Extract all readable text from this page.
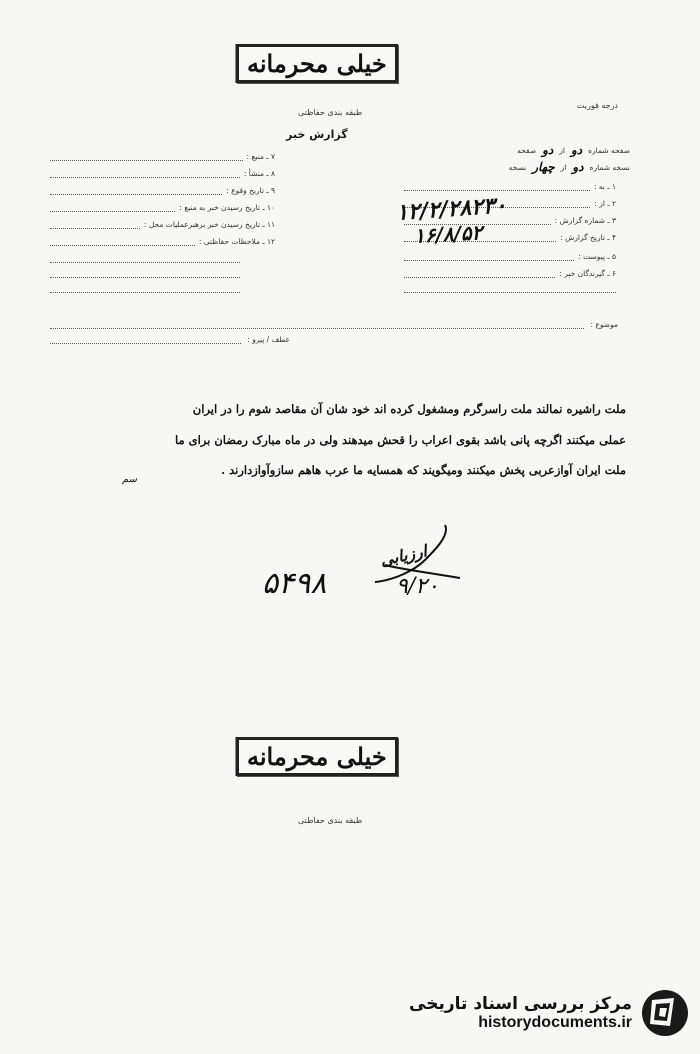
خیلی محرمانه
طبقه بندی حفاظتی
درجه فوریت
گزارش خبر
صفحه شماره
دو
از
دو
صفحه
نسخه شماره
دو
از
چهار
نسخه
۷ ـ منبع :
۸ ـ منشأ :
۹ ـ تاریخ وقوع :
۱۰ ـ تاریخ رسیدن خبر به منبع :
۱۱ ـ تاریخ رسیدن خبر برهبرعملیات محل :
۱۲ ـ ملاحظات حفاظتی :
۱ ـ به :
۲ ـ از :
۳ ـ شماره گزارش :
۴ ـ تاریخ گزارش :
۵ ـ پیوست :
۶ ـ گیرندگان خبر :
۱۲/۲/۲۸۲۳۰
۱۶/۸/۵۲
موضوع :
عطف / پیرو :
ملت راشیره نمالند ملت راسرگرم ومشغول کرده اند خود شان آن مقاصد شوم را در ایران
عملی میکنند اگرچه پانی باشد بقوی اعراب را قحش میدهند ولی در ماه مبارک رمضان برای ما
ملت ایران آوازعربی پخش میکنند ومیگویند که همسایه ما عرب هاهم سازوآوازدارند .
سم
ارزیابی
۵۴۹۸	۹/۲۰
خیلی محرمانه
طبقه بندی حفاظتی
مرکز بررسی اسناد تاریخی
historydocuments.ir
